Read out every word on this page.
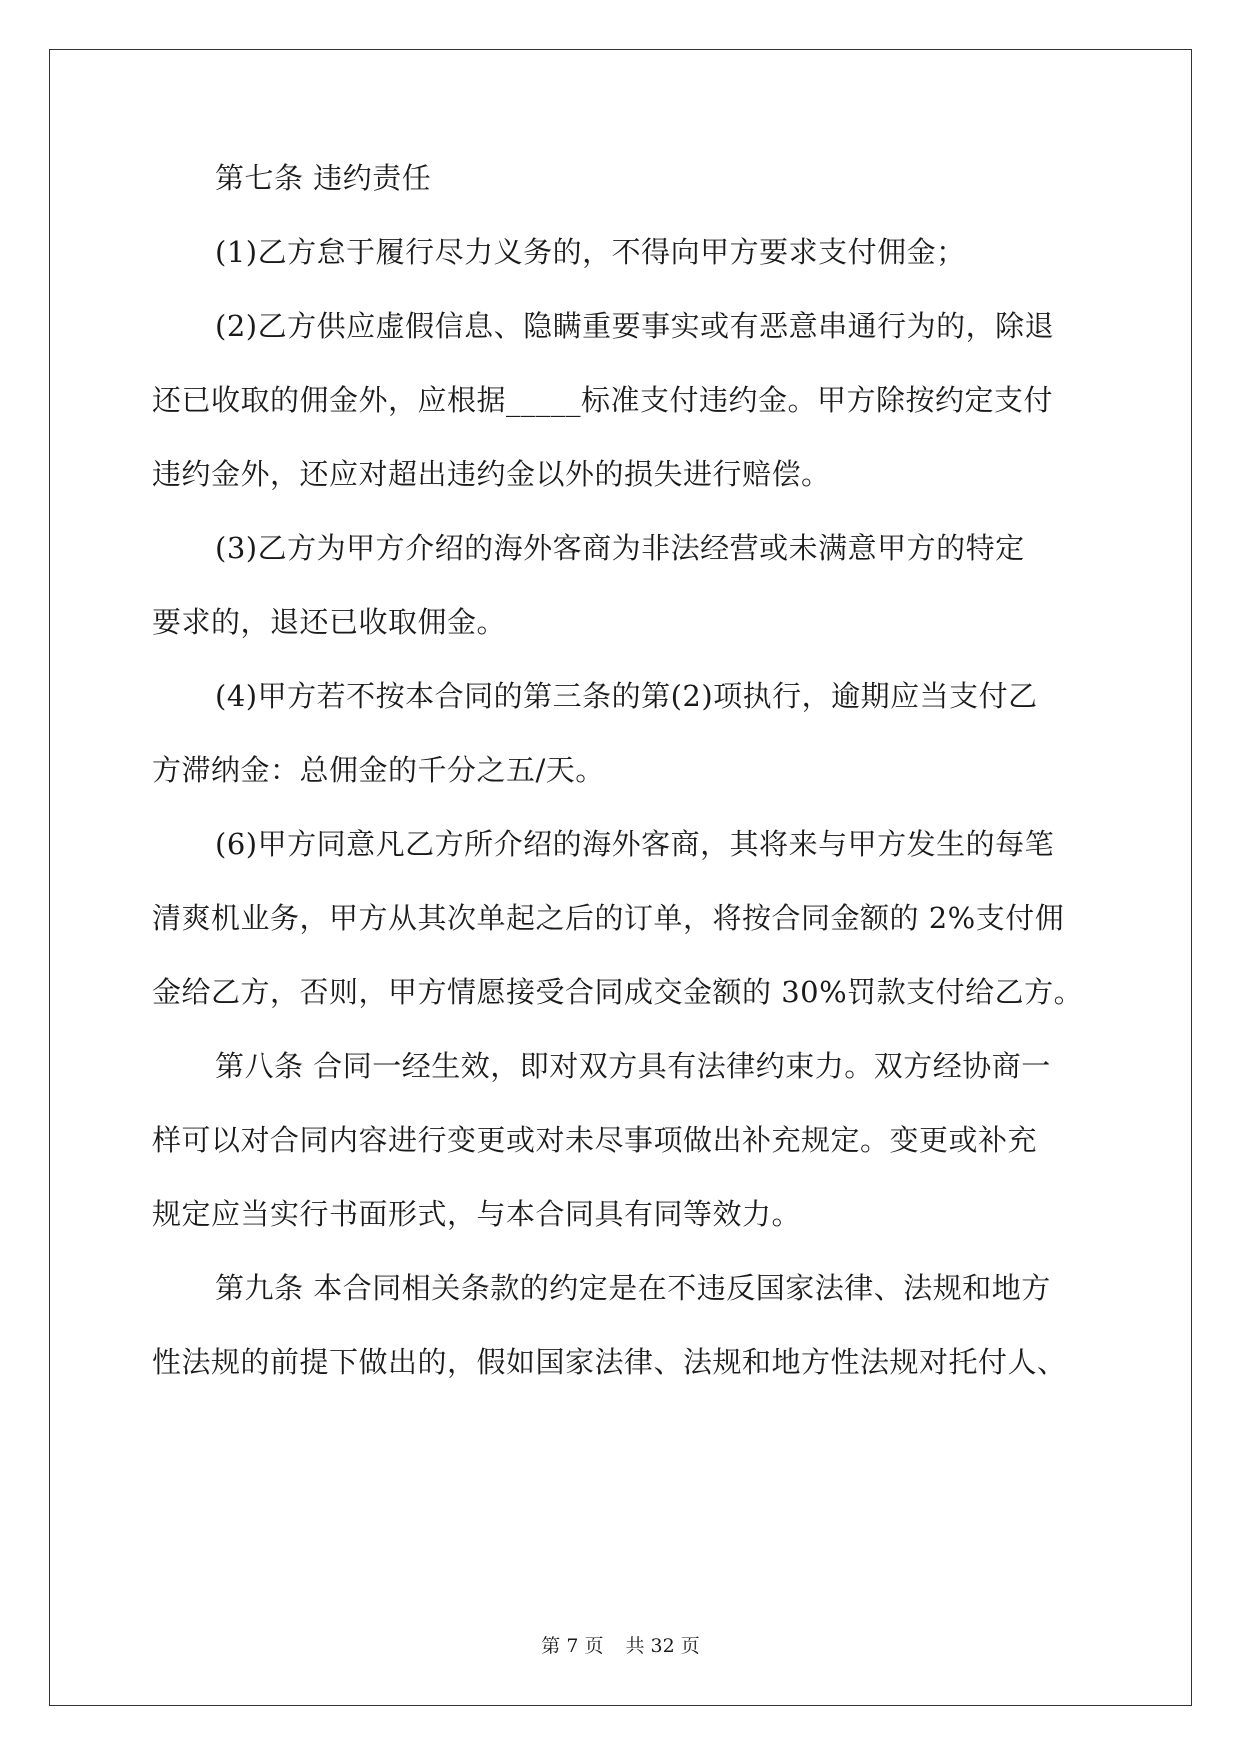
第七条 违约责任
(1)乙方怠于履行尽力义务的，不得向甲方要求支付佣金；
(2)乙方供应虚假信息、隐瞒重要事实或有恶意串通行为的，除退
还已收取的佣金外，应根据_____标准支付违约金。甲方除按约定支付
违约金外，还应对超出违约金以外的损失进行赔偿。
(3)乙方为甲方介绍的海外客商为非法经营或未满意甲方的特定
要求的，退还已收取佣金。
(4)甲方若不按本合同的第三条的第(2)项执行，逾期应当支付乙
方滞纳金：总佣金的千分之五/天。
(6)甲方同意凡乙方所介绍的海外客商，其将来与甲方发生的每笔
清爽机业务，甲方从其次单起之后的订单，将按合同金额的 2%支付佣
金给乙方，否则，甲方情愿接受合同成交金额的 30%罚款支付给乙方。
第八条 合同一经生效，即对双方具有法律约束力。双方经协商一
样可以对合同内容进行变更或对未尽事项做出补充规定。变更或补充
规定应当实行书面形式，与本合同具有同等效力。
第九条 本合同相关条款的约定是在不违反国家法律、法规和地方
性法规的前提下做出的，假如国家法律、法规和地方性法规对托付人、
第 7 页 共 32 页
